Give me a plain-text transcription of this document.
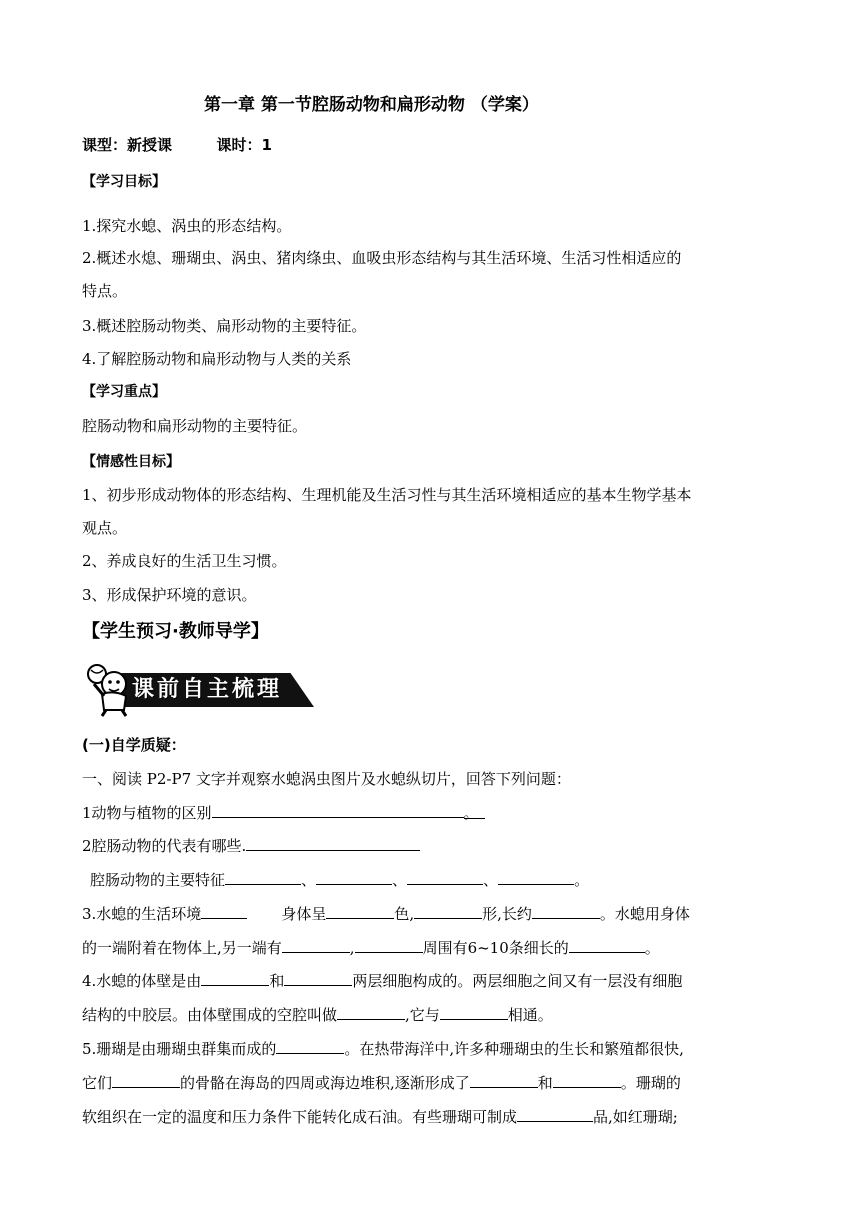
第一章 第一节腔肠动物和扁形动物 （学案）
课型：新授课	课时：1
【学习目标】
1.探究水螅、涡虫的形态结构。
2.概述水熄、珊瑚虫、涡虫、猪肉绦虫、血吸虫形态结构与其生活环境、生活习性相适应的
特点。
3.概述腔肠动物类、扁形动物的主要特征。
4.了解腔肠动物和扁形动物与人类的关系
【学习重点】
腔肠动物和扁形动物的主要特征。
【情感性目标】
1、初步形成动物体的形态结构、生理机能及生活习性与其生活环境相适应的基本生物学基本
观点。
2、养成良好的生活卫生习惯。
3、形成保护环境的意识。
【学生预习·教师导学】
课前自主梳理
(一)自学质疑：
一、阅读 P2-P7 文字并观察水螅涡虫图片及水螅纵切片，回答下列问题：
1动物与植物的区别	。
2腔肠动物的代表有哪些.
腔肠动物的主要特征	、	、	、	。
3.水螅的生活环境	身体呈	色,	形,长约	。水螅用身体
的一端附着在物体上,另一端有	,	周围有6~10条细长的	。
4.水螅的体壁是由	和	两层细胞构成的。两层细胞之间又有一层没有细胞
结构的中胶层。由体壁围成的空腔叫做	,它与	相通。
5.珊瑚是由珊瑚虫群集而成的	。在热带海洋中,许多种珊瑚虫的生长和繁殖都很快,
它们	的骨骼在海岛的四周或海边堆积,逐渐形成了	和	。珊瑚的
软组织在一定的温度和压力条件下能转化成石油。有些珊瑚可制成	品,如红珊瑚;
